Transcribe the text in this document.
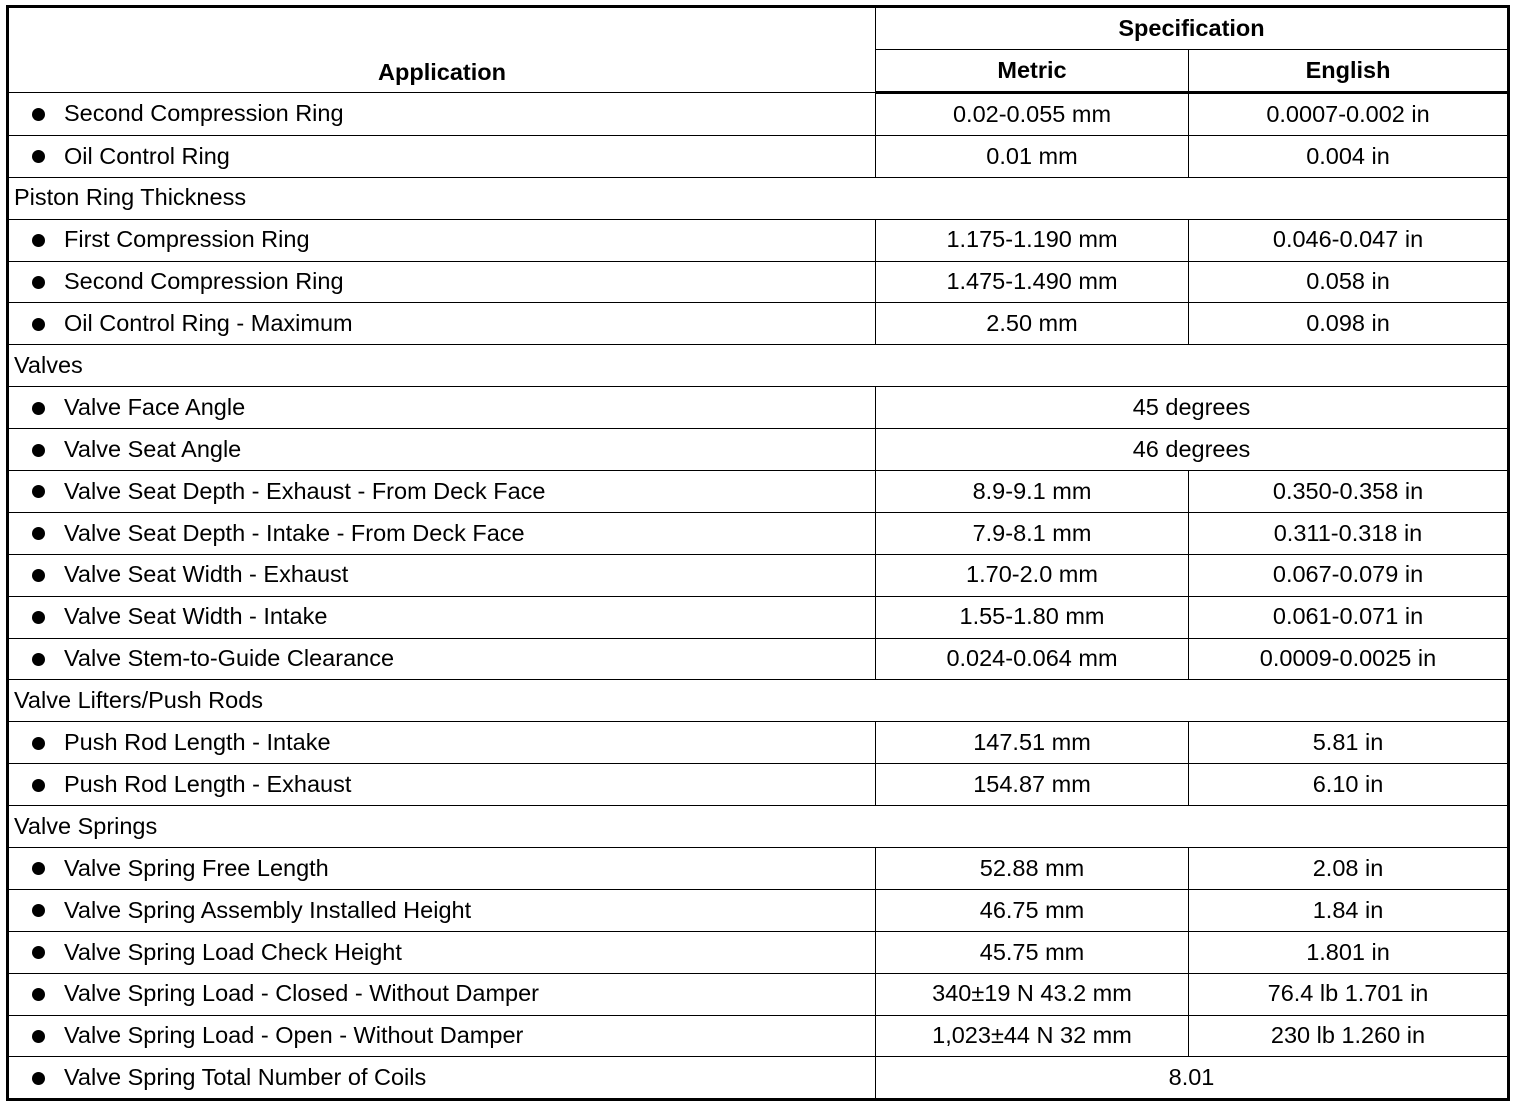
Application	Specification	
	Metric	English

Second Compression Ring	0.02-0.055 mm	0.0007-0.002 in

Oil Control Ring	0.01 mm	0.004 in
Piston Ring Thickness		

First Compression Ring	1.175-1.190 mm	0.046-0.047 in

Second Compression Ring	1.475-1.490 mm	0.058 in

Oil Control Ring - Maximum	2.50 mm	0.098 in
Valves		

Valve Face Angle	45 degrees	

Valve Seat Angle	46 degrees	

Valve Seat Depth - Exhaust - From Deck Face	8.9-9.1 mm	0.350-0.358 in

Valve Seat Depth - Intake - From Deck Face	7.9-8.1 mm	0.311-0.318 in

Valve Seat Width - Exhaust	1.70-2.0 mm	0.067-0.079 in

Valve Seat Width - Intake	1.55-1.80 mm	0.061-0.071 in

Valve Stem-to-Guide Clearance	0.024-0.064 mm	0.0009-0.0025 in
Valve Lifters/Push Rods		

Push Rod Length - Intake	147.51 mm	5.81 in

Push Rod Length - Exhaust	154.87 mm	6.10 in
Valve Springs		

Valve Spring Free Length	52.88 mm	2.08 in

Valve Spring Assembly Installed Height	46.75 mm	1.84 in

Valve Spring Load Check Height	45.75 mm	1.801 in

Valve Spring Load - Closed - Without Damper	340±19 N 43.2 mm	76.4 lb 1.701 in

Valve Spring Load - Open - Without Damper	1,023±44 N 32 mm	230 lb 1.260 in

Valve Spring Total Number of Coils	8.01	
